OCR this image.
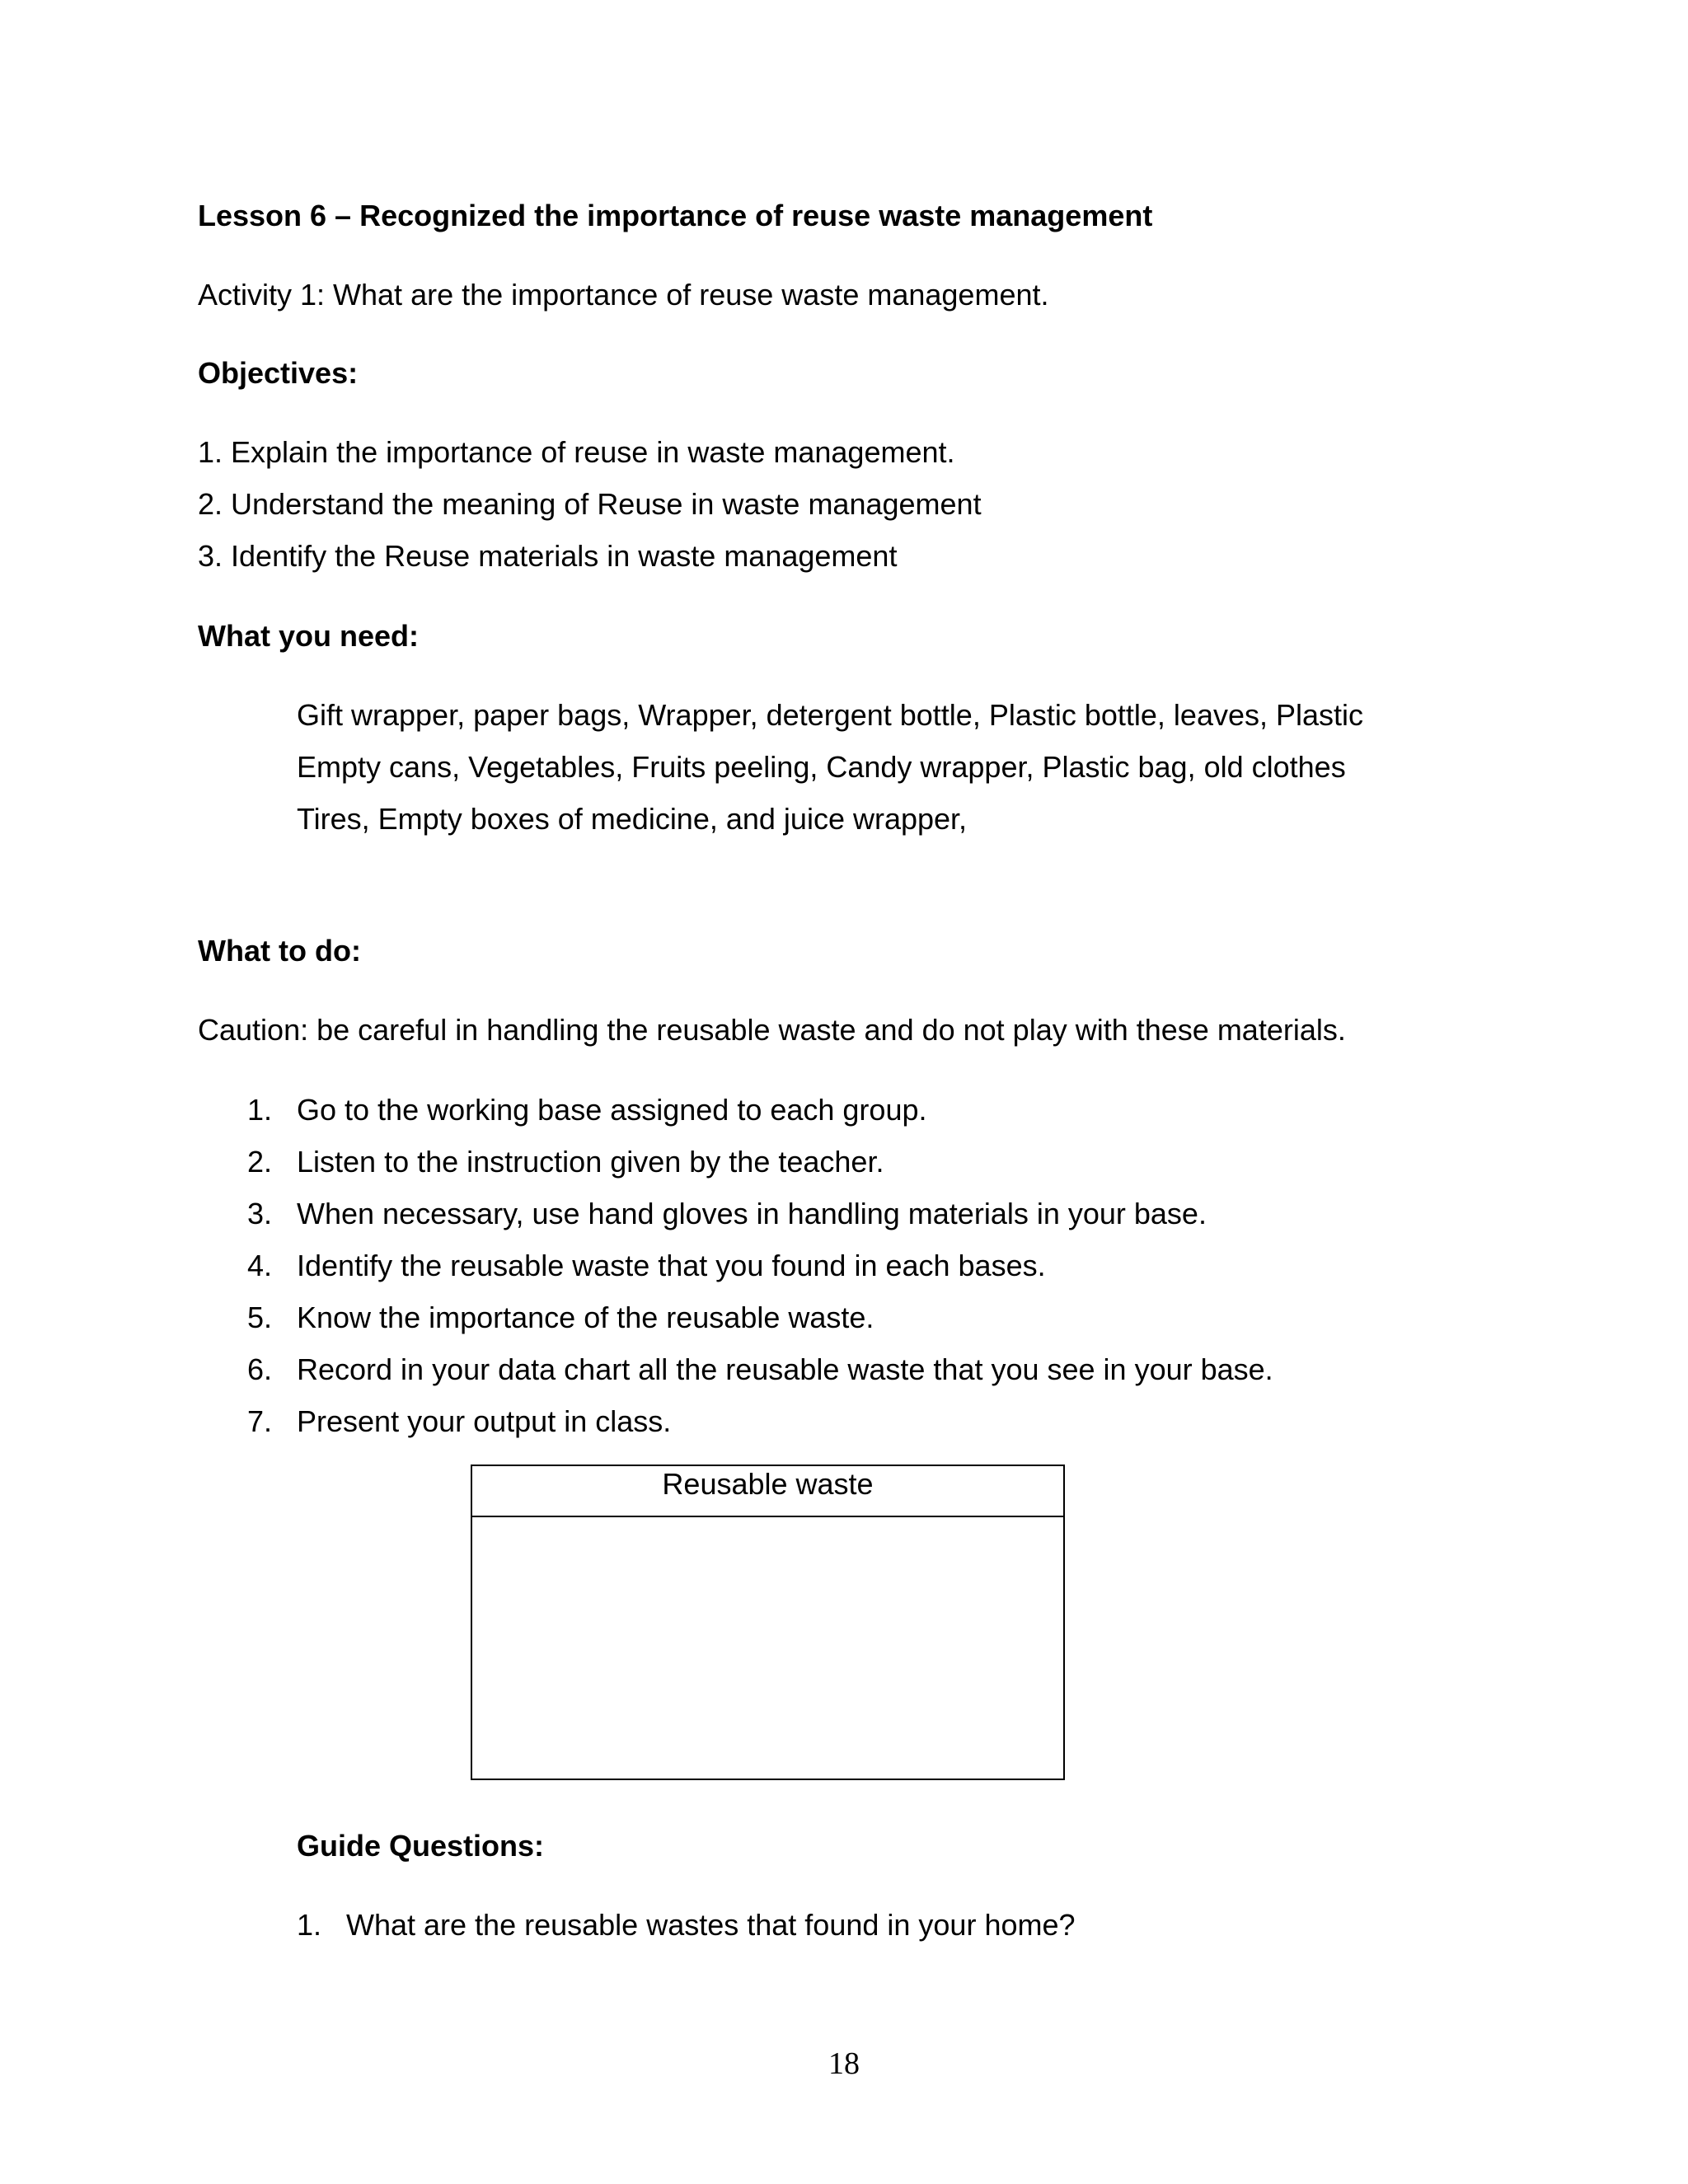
Lesson 6 – Recognized the importance of reuse waste management
Activity 1: What are the importance of reuse waste management.
Objectives:
1. Explain the importance of reuse in waste management.
2. Understand the meaning of Reuse in waste management
3. Identify the Reuse materials in waste management
What you need:
Gift wrapper, paper bags, Wrapper, detergent bottle, Plastic bottle, leaves, Plastic
Empty cans, Vegetables, Fruits peeling, Candy wrapper, Plastic bag, old clothes
Tires, Empty boxes of medicine, and juice wrapper,
What to do:
Caution: be careful in handling the reusable waste and do not play with these materials.
1. Go to the working base assigned to each group.
2. Listen to the instruction given by the teacher.
3. When necessary, use hand gloves in handling materials in your base.
4. Identify the reusable waste that you found in each bases.
5. Know the importance of the reusable waste.
6. Record in your data chart all the reusable waste that you see in your base.
7. Present your output in class.
Reusable waste
Guide Questions:
1. What are the reusable wastes that found in your home?
18
